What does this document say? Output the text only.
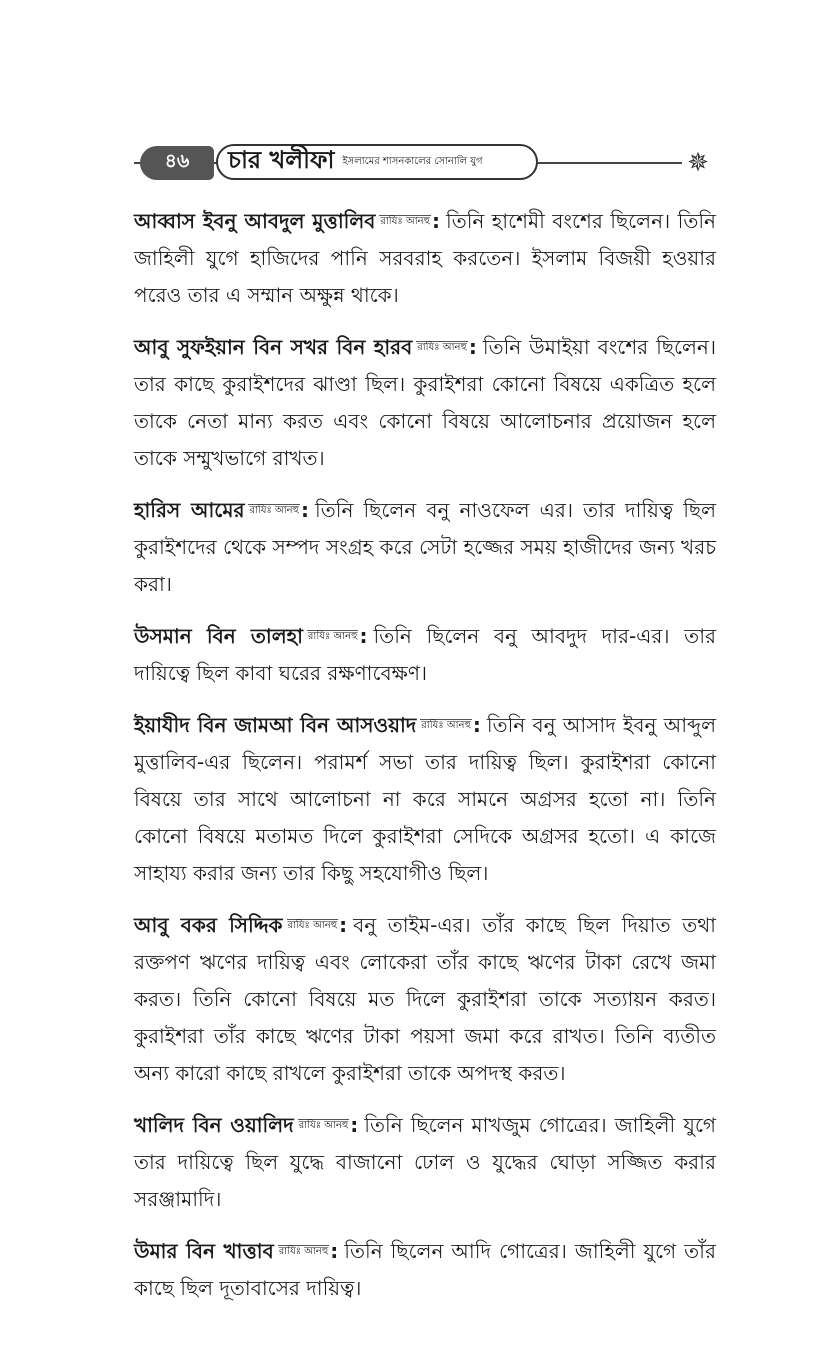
৪৬	চার খলীফা ইসলামের শাসনকালের সোনালি যুগ	✵

আব্বাস ইবনু আবদুল মুত্তালিব রাযিঃ আনহু : তিনি হাশেমী বংশের ছিলেন। তিনি জাহিলী যুগে হাজিদের পানি সরবরাহ করতেন। ইসলাম বিজয়ী হওয়ার পরেও তার এ সম্মান অক্ষুন্ন থাকে।

আবু সুফইয়ান বিন সখর বিন হারব রাযিঃ আনহু : তিনি উমাইয়া বংশের ছিলেন। তার কাছে কুরাইশদের ঝাণ্ডা ছিল। কুরাইশরা কোনো বিষয়ে একত্রিত হলে তাকে নেতা মান্য করত এবং কোনো বিষয়ে আলোচনার প্রয়োজন হলে তাকে সম্মুখভাগে রাখত।

হারিস আমের রাযিঃ আনহু : তিনি ছিলেন বনু নাওফেল এর। তার দায়িত্ব ছিল কুরাইশদের থেকে সম্পদ সংগ্রহ করে সেটা হজ্জের সময় হাজীদের জন্য খরচ করা।

উসমান বিন তালহা রাযিঃ আনহু : তিনি ছিলেন বনু আবদুদ দার-এর। তার দায়িত্বে ছিল কাবা ঘরের রক্ষণাবেক্ষণ।

ইয়াযীদ বিন জামআ বিন আসওয়াদ রাযিঃ আনহু : তিনি বনু আসাদ ইবনু আব্দুল মুত্তালিব-এর ছিলেন। পরামর্শ সভা তার দায়িত্ব ছিল। কুরাইশরা কোনো বিষয়ে তার সাথে আলোচনা না করে সামনে অগ্রসর হতো না। তিনি কোনো বিষয়ে মতামত দিলে কুরাইশরা সেদিকে অগ্রসর হতো। এ কাজে সাহায্য করার জন্য তার কিছু সহযোগীও ছিল।

আবু বকর সিদ্দিক রাযিঃ আনহু : বনু তাইম-এর। তাঁর কাছে ছিল দিয়াত তথা রক্তপণ ঋণের দায়িত্ব এবং লোকেরা তাঁর কাছে ঋণের টাকা রেখে জমা করত। তিনি কোনো বিষয়ে মত দিলে কুরাইশরা তাকে সত্যায়ন করত। কুরাইশরা তাঁর কাছে ঋণের টাকা পয়সা জমা করে রাখত। তিনি ব্যতীত অন্য কারো কাছে রাখলে কুরাইশরা তাকে অপদস্থ করত।

খালিদ বিন ওয়ালিদ রাযিঃ আনহু : তিনি ছিলেন মাখজুম গোত্রের। জাহিলী যুগে তার দায়িত্বে ছিল যুদ্ধে বাজানো ঢোল ও যুদ্ধের ঘোড়া সজ্জিত করার সরঞ্জামাদি।

উমার বিন খাত্তাব রাযিঃ আনহু : তিনি ছিলেন আদি গোত্রের। জাহিলী যুগে তাঁর কাছে ছিল দূতাবাসের দায়িত্ব।
